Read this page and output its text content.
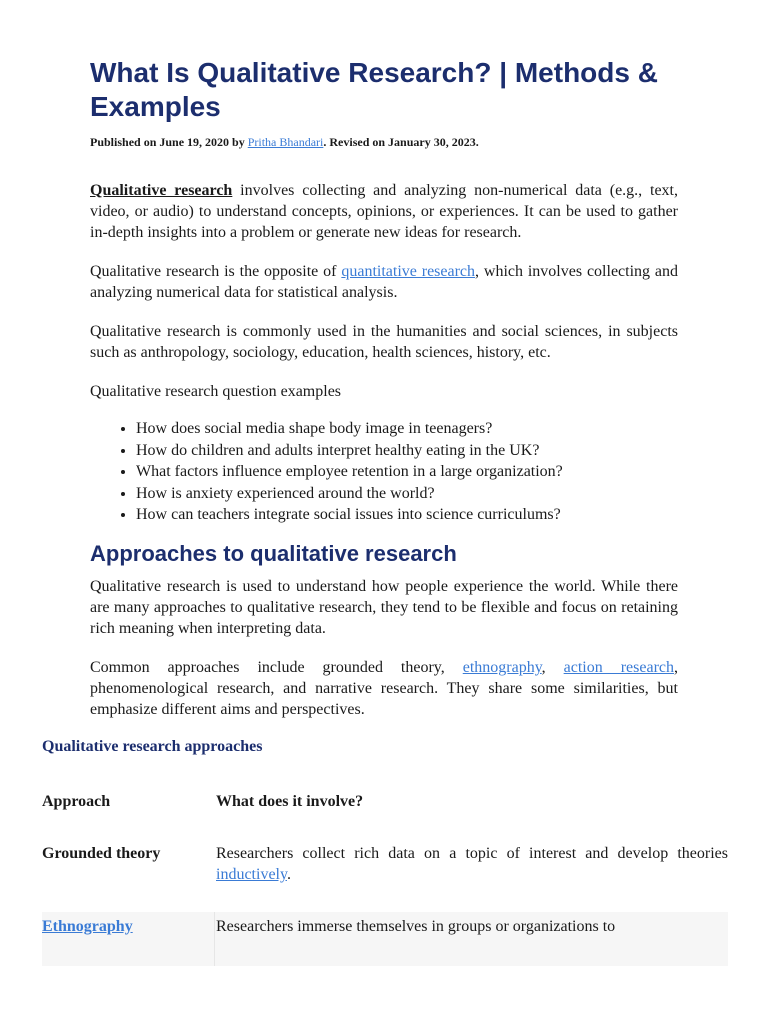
What Is Qualitative Research? | Methods & Examples

Published on June 19, 2020 by Pritha Bhandari. Revised on January 30, 2023.

Qualitative research involves collecting and analyzing non-numerical data (e.g., text, video, or audio) to understand concepts, opinions, or experiences. It can be used to gather in-depth insights into a problem or generate new ideas for research.

Qualitative research is the opposite of quantitative research, which involves collecting and analyzing numerical data for statistical analysis.

Qualitative research is commonly used in the humanities and social sciences, in subjects such as anthropology, sociology, education, health sciences, history, etc.

Qualitative research question examples

• How does social media shape body image in teenagers?
• How do children and adults interpret healthy eating in the UK?
• What factors influence employee retention in a large organization?
• How is anxiety experienced around the world?
• How can teachers integrate social issues into science curriculums?
Approaches to qualitative research

Qualitative research is used to understand how people experience the world. While there are many approaches to qualitative research, they tend to be flexible and focus on retaining rich meaning when interpreting data.

Common approaches include grounded theory, ethnography, action research, phenomenological research, and narrative research. They share some similarities, but emphasize different aims and perspectives.

Qualitative research approaches

Approach	What does it involve?
Grounded theory	Researchers collect rich data on a topic of interest and develop theories inductively.
Ethnography	Researchers immerse themselves in groups or organizations to
